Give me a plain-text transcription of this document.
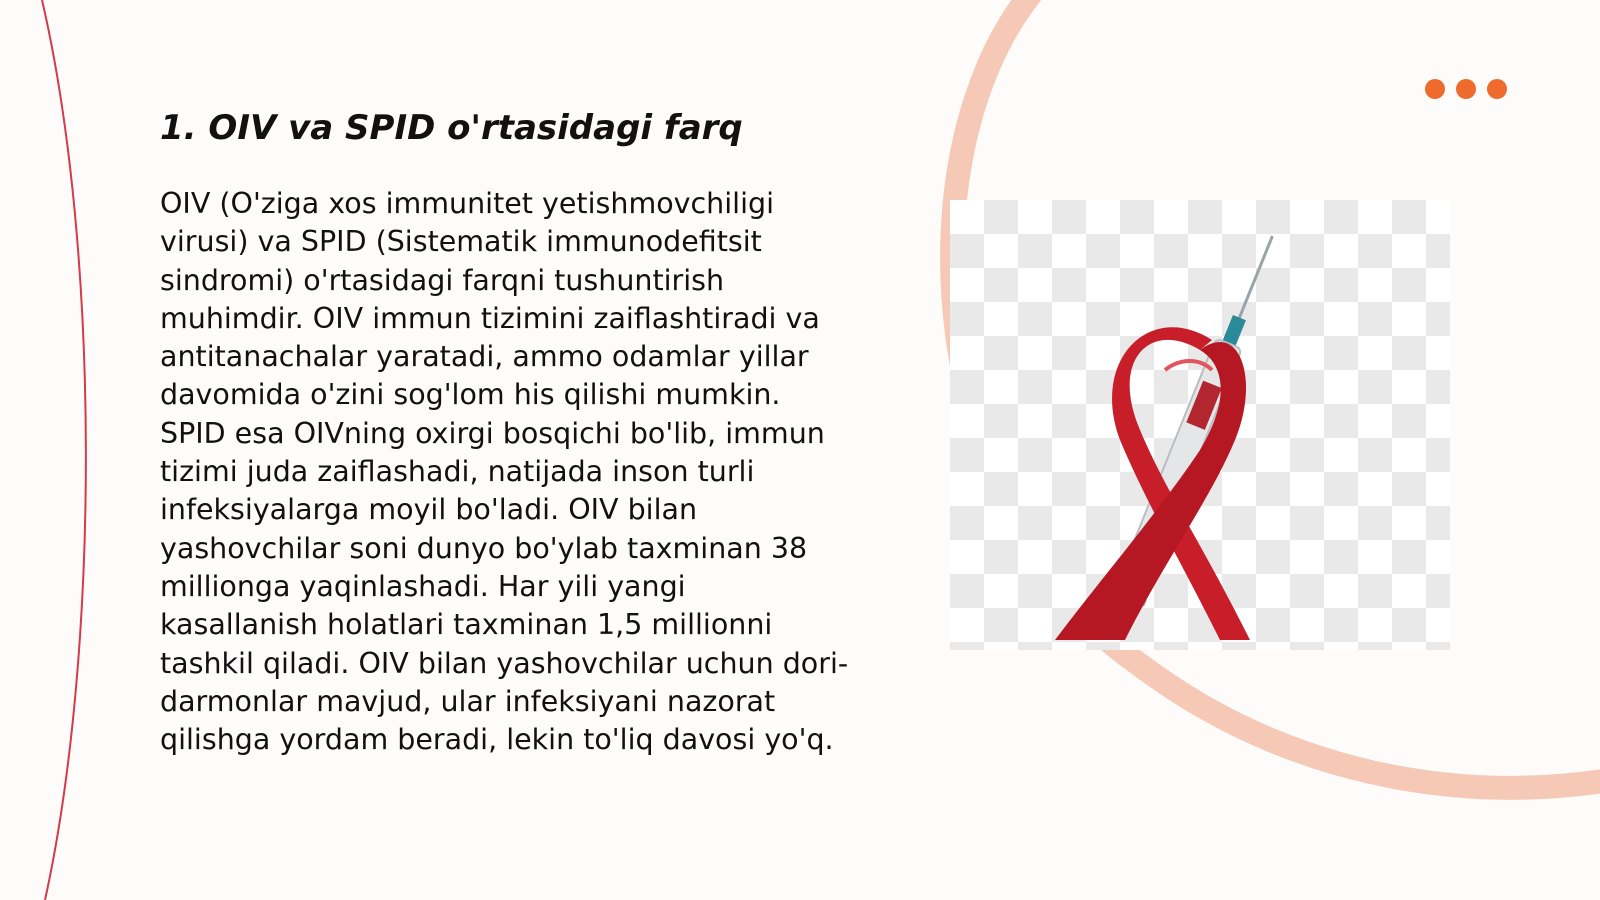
1. OIV va SPID o'rtasidagi farq

OIV (O'ziga xos immunitet yetishmovchiligi virusi) va SPID (Sistematik immunodefitsit sindromi) o'rtasidagi farqni tushuntirish muhimdir. OIV immun tizimini zaiflashtiradi va antitanachalar yaratadi, ammo odamlar yillar davomida o'zini sog'lom his qilishi mumkin. SPID esa OIVning oxirgi bosqichi bo'lib, immun tizimi juda zaiflashadi, natijada inson turli infeksiyalarga moyil bo'ladi. OIV bilan yashovchilar soni dunyo bo'ylab taxminan 38 millionga yaqinlashadi. Har yili yangi kasallanish holatlari taxminan 1,5 millionni tashkil qiladi. OIV bilan yashovchilar uchun dori-darmonlar mavjud, ular infeksiyani nazorat qilishga yordam beradi, lekin to'liq davosi yo'q.
